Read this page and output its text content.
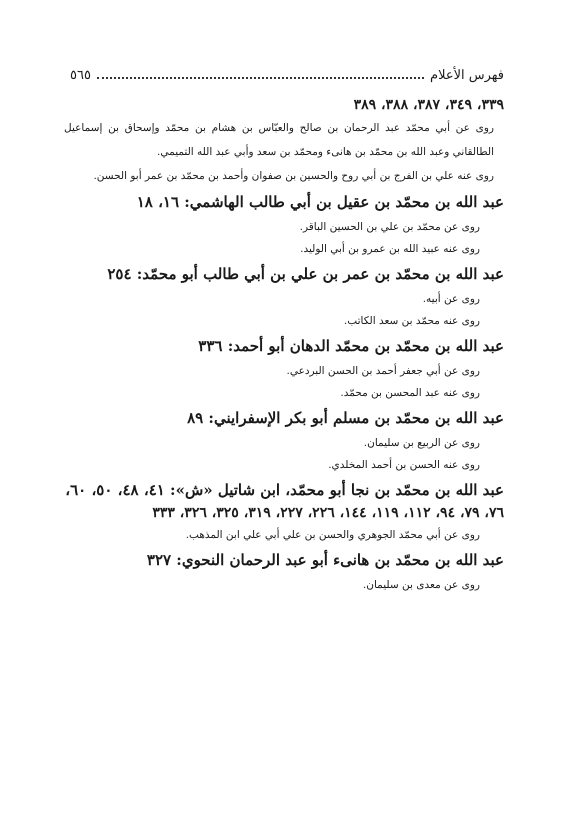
فهرس الأعلام
٥٦٥
٣٣٩، ٣٤٩، ٣٨٧، ٣٨٨، ٣٨٩
روى عن أبي محمّد عبد الرحمان بن صالح والعبّاس بن هشام بن محمّد وإسحاق بن إسماعيل الطالقاني وعبد الله بن محمّد بن هانىء ومحمّد بن سعد وأبي عبد الله التميمي.
روى عنه علي بن الفرج بن أبي روح والحسين بن صفوان وأحمد بن محمّد بن عمر أبو الحسن.
عبد الله بن محمّد بن عقيل بن أبي طالب الهاشمي: ١٦، ١٨
روى عن محمّد بن علي بن الحسين الباقر.
روى عنه عبيد الله بن عمرو بن أبي الوليد.
عبد الله بن محمّد بن عمر بن علي بن أبي طالب أبو محمّد: ٢٥٤
روى عن أبيه.
روى عنه محمّد بن سعد الكاتب.
عبد الله بن محمّد بن محمّد الدهان أبو أحمد: ٣٣٦
روى عن أبي جعفر أحمد بن الحسن البردعي.
روى عنه عبد المحسن بن محمّد.
عبد الله بن محمّد بن مسلم أبو بكر الإسفرايني: ٨٩
روى عن الربيع بن سليمان.
روى عنه الحسن بن أحمد المخلدي.
عبد الله بن محمّد بن نجا أبو محمّد، ابن شاتيل «ش»: ٤١، ٤٨، ٥٠، ٦٠،
٧٦، ٧٩، ٩٤، ١١٢، ١١٩، ١٤٤، ٢٢٦، ٢٢٧، ٣١٩، ٣٢٥، ٣٢٦، ٣٣٣
روى عن أبي محمّد الجوهري والحسن بن علي أبي علي ابن المذهب.
عبد الله بن محمّد بن هانىء أبو عبد الرحمان النحوي: ٣٢٧
روى عن معدى بن سليمان.
